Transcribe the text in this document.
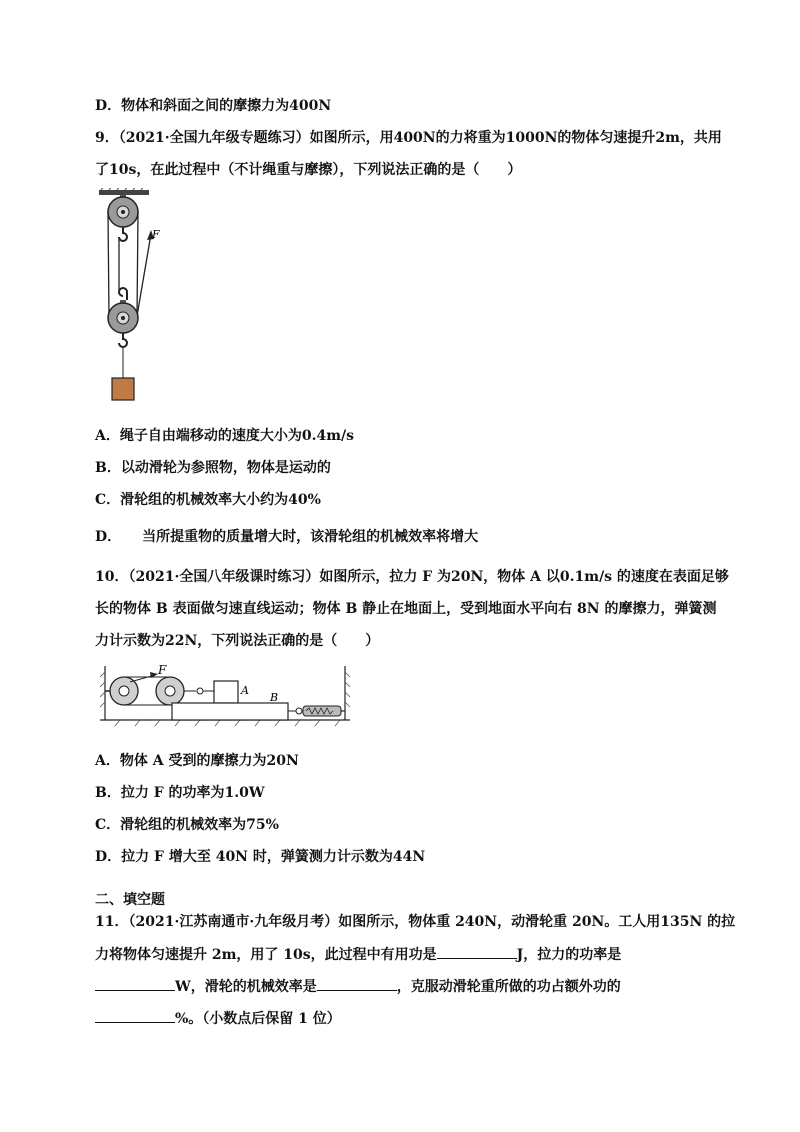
D．物体和斜面之间的摩擦力为400N
9．（2021·全国九年级专题练习）如图所示，用400N的力将重为1000N的物体匀速提升2m，共用
了10s，在此过程中（不计绳重与摩擦），下列说法正确的是（　　）
F
A．绳子自由端移动的速度大小为0.4m/s
B．以动滑轮为参照物，物体是运动的
C．滑轮组的机械效率大小约为40%
D．　　当所提重物的质量增大时，该滑轮组的机械效率将增大
10．（2021·全国八年级课时练习）如图所示，拉力 F 为20N，物体 A 以0.1m/s 的速度在表面足够
长的物体 B 表面做匀速直线运动；物体 B 静止在地面上，受到地面水平向右 8N 的摩擦力，弹簧测
力计示数为22N，下列说法正确的是（　　）
F
A
B
A．物体 A 受到的摩擦力为20N
B．拉力 F 的功率为1.0W
C．滑轮组的机械效率为75%
D．拉力 F 增大至 40N 时，弹簧测力计示数为44N
二、填空题
11．（2021·江苏南通市·九年级月考）如图所示，物体重 240N，动滑轮重 20N。工人用135N 的拉
力将物体匀速提升 2m，用了 10s，此过程中有用功是	J，拉力的功率是
W，滑轮的机械效率是	，克服动滑轮重所做的功占额外功的
%。（小数点后保留 1 位）
